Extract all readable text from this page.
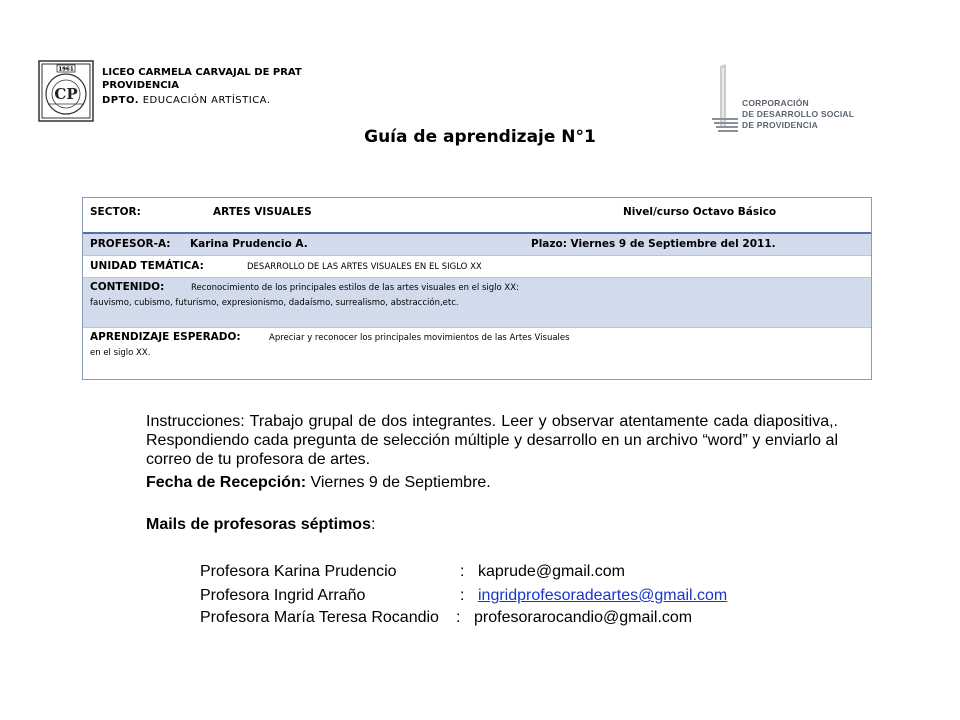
1961
CP
LICEO CARMELA CARVAJAL DE PRAT
PROVIDENCIA
DPTO. EDUCACIÓN ARTÍSTICA.	CORPORACIÓN
DE DESARROLLO SOCIAL
DE PROVIDENCIA
Guía de aprendizaje N°1
SECTOR:	ARTES VISUALES	Nivel/curso Octavo Básico
PROFESOR-A: Karina Prudencio A.	Plazo: Viernes 9 de Septiembre del 2011.
UNIDAD TEMÁTICA:	DESARROLLO DE LAS ARTES VISUALES EN EL SIGLO XX
CONTENIDO:	Reconocimiento de los principales estilos de las artes visuales en el siglo XX:
fauvismo, cubismo, futurismo, expresionismo, dadaísmo, surrealismo, abstracción,etc.
APRENDIZAJE ESPERADO:	Apreciar y reconocer los principales movimientos de las Artes Visuales
en el siglo XX.
Instrucciones: Trabajo grupal de dos integrantes. Leer y observar atentamente cada diapositiva,. Respondiendo cada pregunta de selección múltiple y desarrollo en un archivo “word” y enviarlo al correo de tu profesora de artes.
Fecha de Recepción: Viernes 9 de Septiembre.
Mails de profesoras séptimos:
Profesora Karina Prudencio	: kaprude@gmail.com
Profesora Ingrid Arraño	: ingridprofesoradeartes@gmail.com
Profesora María Teresa Rocandio : profesorarocandio@gmail.com
